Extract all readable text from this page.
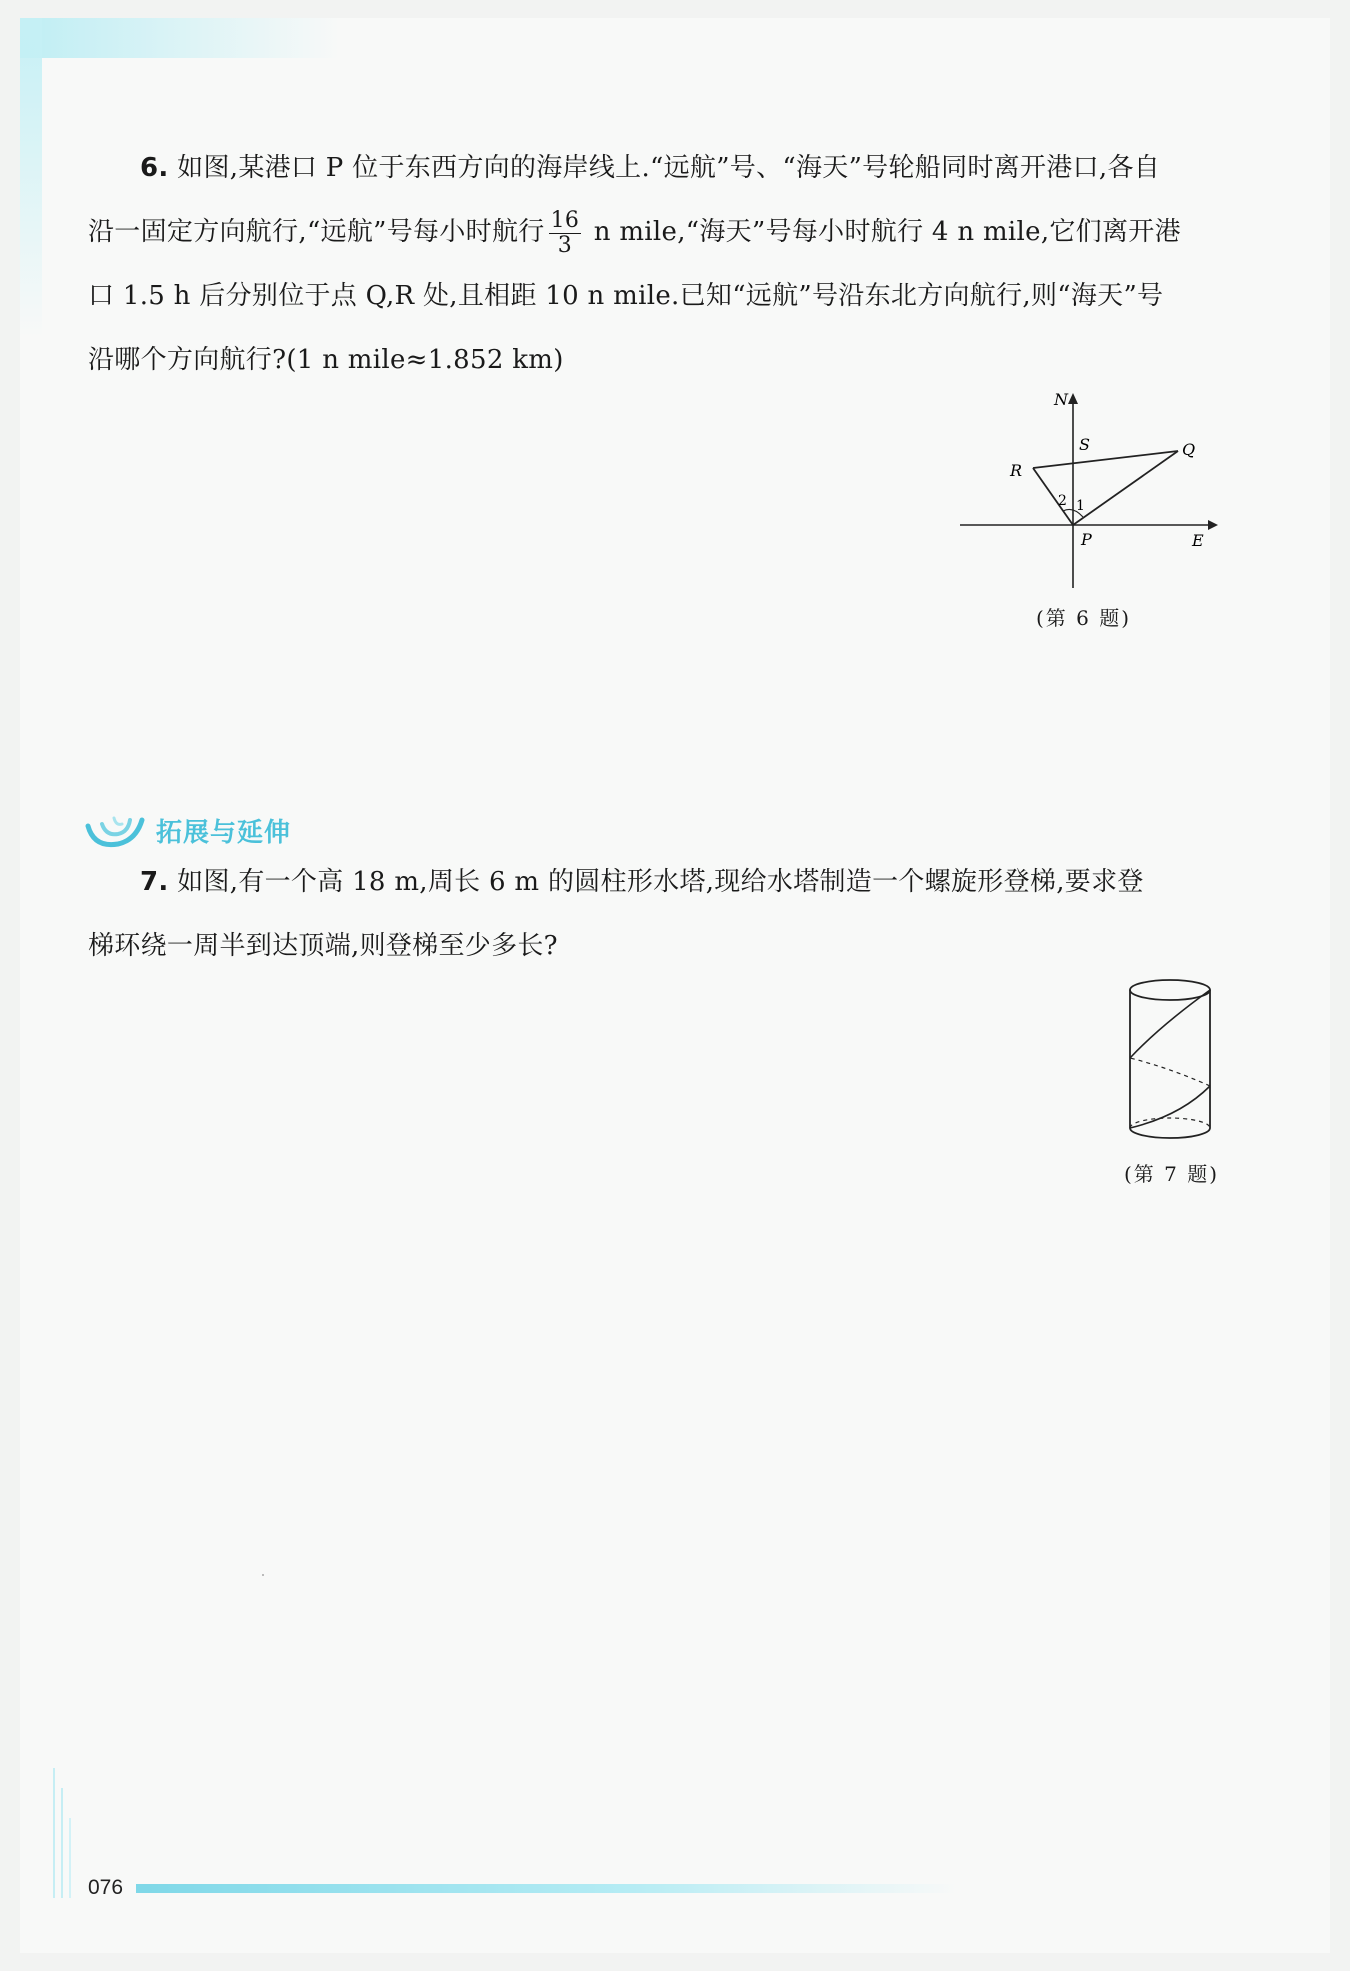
6. 如图,某港口 P 位于东西方向的海岸线上.“远航”号、“海天”号轮船同时离开港口,各自
沿一固定方向航行,“远航”号每小时航行 $\frac{16}{3}$ n mile,“海天”号每小时航行 4 n mile,它们离开港
口 1.5 h 后分别位于点 Q,R 处,且相距 10 n mile.已知“远航”号沿东北方向航行,则“海天”号
沿哪个方向航行?(1 n mile≈1.852 km)
N
S	Q
R
P	E
1
2
(第 6 题)
拓展与延伸
7. 如图,有一个高 18 m,周长 6 m 的圆柱形水塔,现给水塔制造一个螺旋形登梯,要求登
梯环绕一周半到达顶端,则登梯至少多长?
(第 7 题)
076
